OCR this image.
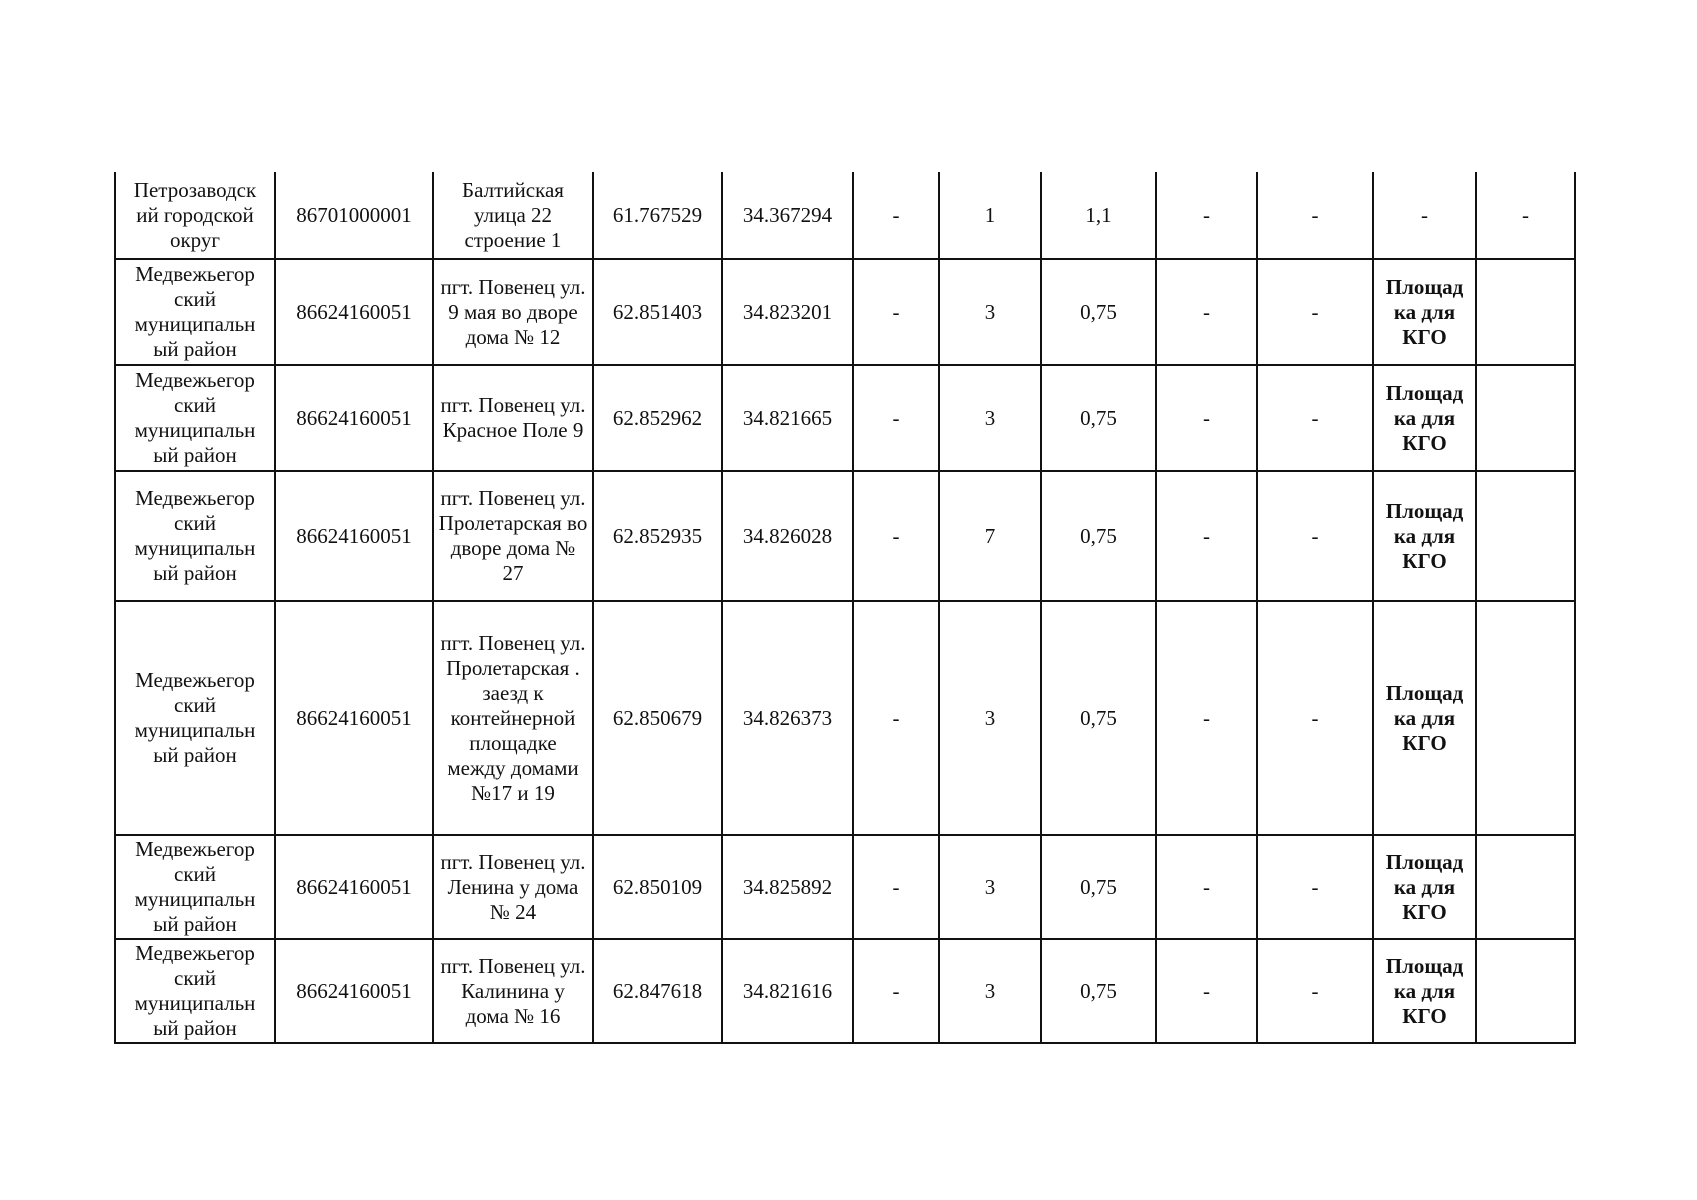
Петрозаводск ий городской округ	86701000001	Балтийская улица 22 строение 1	61.767529	34.367294	-	1	1,1	-	-	-	-

Медвежьегор ский муниципальн ый район	86624160051	пгт. Повенец ул. 9 мая во дворе дома № 12	62.851403	34.823201	-	3	0,75	-	-	Площад ка для КГО	

Медвежьегор ский муниципальн ый район	86624160051	пгт. Повенец ул. Красное Поле 9	62.852962	34.821665	-	3	0,75	-	-	Площад ка для КГО	

Медвежьегор ский муниципальн ый район	86624160051	пгт. Повенец ул. Пролетарская во дворе дома № 27	62.852935	34.826028	-	7	0,75	-	-	Площад ка для КГО	

Медвежьегор ский муниципальн ый район	86624160051	пгт. Повенец ул. Пролетарская . заезд к контейнерной площадке между домами №17 и 19	62.850679	34.826373	-	3	0,75	-	-	Площад ка для КГО	

Медвежьегор ский муниципальн ый район	86624160051	пгт. Повенец ул. Ленина у дома № 24	62.850109	34.825892	-	3	0,75	-	-	Площад ка для КГО	

Медвежьегор ский муниципальн ый район	86624160051	пгт. Повенец ул. Калинина у дома № 16	62.847618	34.821616	-	3	0,75	-	-	Площад ка для КГО	
